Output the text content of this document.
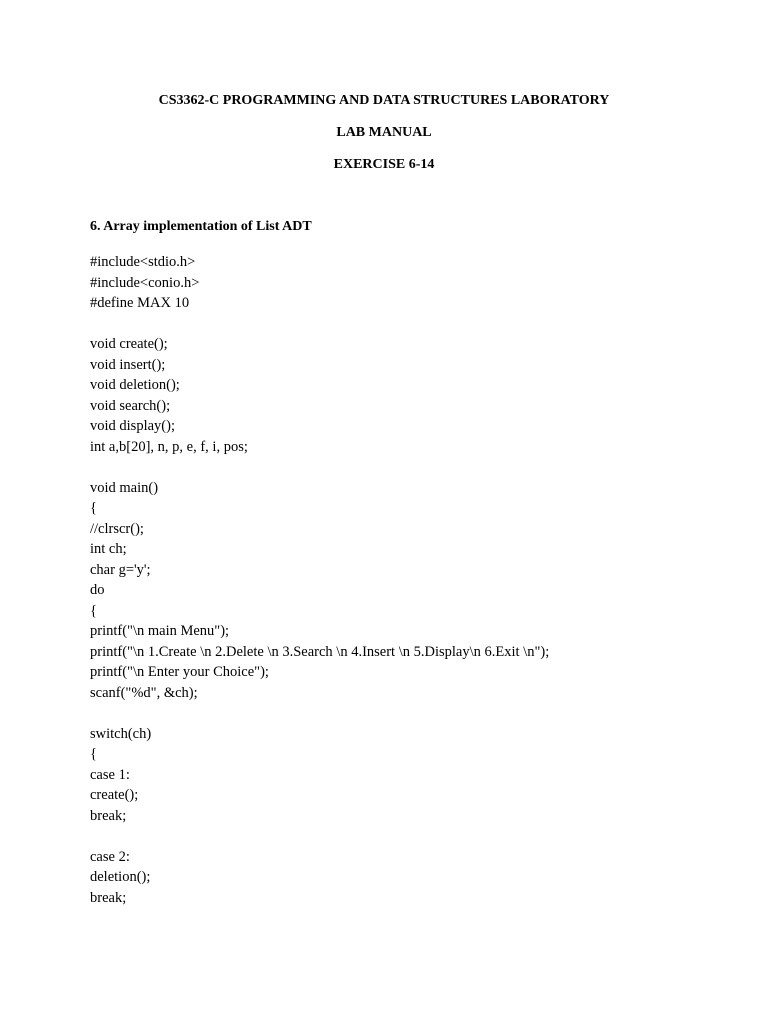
CS3362-C PROGRAMMING AND DATA STRUCTURES LABORATORY
LAB MANUAL
EXERCISE 6-14
6. Array implementation of List ADT
#include<stdio.h>
#include<conio.h>
#define MAX 10
void create();
void insert();
void deletion();
void search();
void display();
int a,b[20], n, p, e, f, i, pos;
void main()
{
//clrscr();
int ch;
char g='y';
do
{
printf("\n main Menu");
printf("\n 1.Create \n 2.Delete \n 3.Search \n 4.Insert \n 5.Display\n 6.Exit \n");
printf("\n Enter your Choice");
scanf("%d", &ch);
switch(ch)
{
case 1:
create();
break;
case 2:
deletion();
break;
